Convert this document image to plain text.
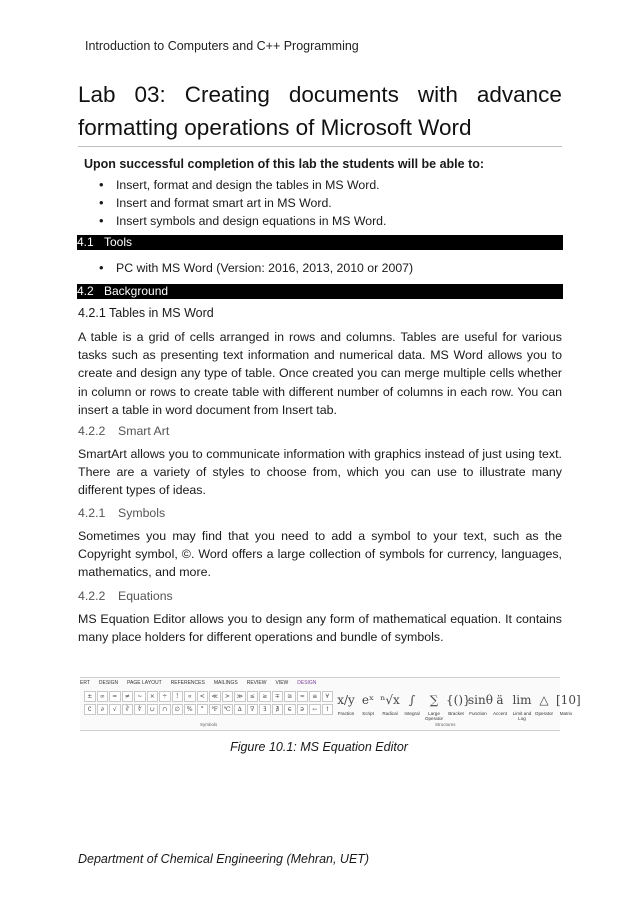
Introduction to Computers and C++ Programming
Lab 03: Creating documents with advance
formatting operations of Microsoft Word
Upon successful completion of this lab the students will be able to:
• Insert, format and design the tables in MS Word.
• Insert and format smart art in MS Word.
• Insert symbols and design equations in MS Word.
4.1 Tools
• PC with MS Word (Version: 2016, 2013, 2010 or 2007)
4.2 Background
4.2.1 Tables in MS Word
A table is a grid of cells arranged in rows and columns. Tables are useful for various tasks such as presenting text information and numerical data. MS Word allows you to create and design any type of table. Once created you can merge multiple cells whether in column or rows to create table with different number of columns in each row. You can insert a table in word document from Insert tab.
4.2.2 Smart Art
SmartArt allows you to communicate information with graphics instead of just using text. There are a variety of styles to choose from, which you can use to illustrate many different types of ideas.
4.2.1 Symbols
Sometimes you may find that you need to add a symbol to your text, such as the Copyright symbol, ©. Word offers a large collection of symbols for currency, languages, mathematics, and more.
4.2.2 Equations
MS Equation Editor allows you to design any form of mathematical equation. It contains many place holders for different operations and bundle of symbols.
ERT DESIGN PAGE LAYOUT REFERENCES MAILINGS REVIEW VIEW DESIGN
±	∞	=	≠	~	×	÷	!	∝	<	≪	>	≫	≤	≥	∓	≅	≈	≡	∀
∁	∂	√	∛	∜	∪	∩	∅	%	°	℉	℃	∆	∇	∃	∄	∈	∋	←	↑
Symbols
x/y
Fraction
eˣ
Script
ⁿ√x
Radical
∫
Integral
∑
Large Operator
{()}
Bracket
sinθ
Function
ä
Accent
lim
Limit and Log
△
Operator
[10]
Matrix
Structures
Figure 10.1: MS Equation Editor
Department of Chemical Engineering (Mehran, UET)
